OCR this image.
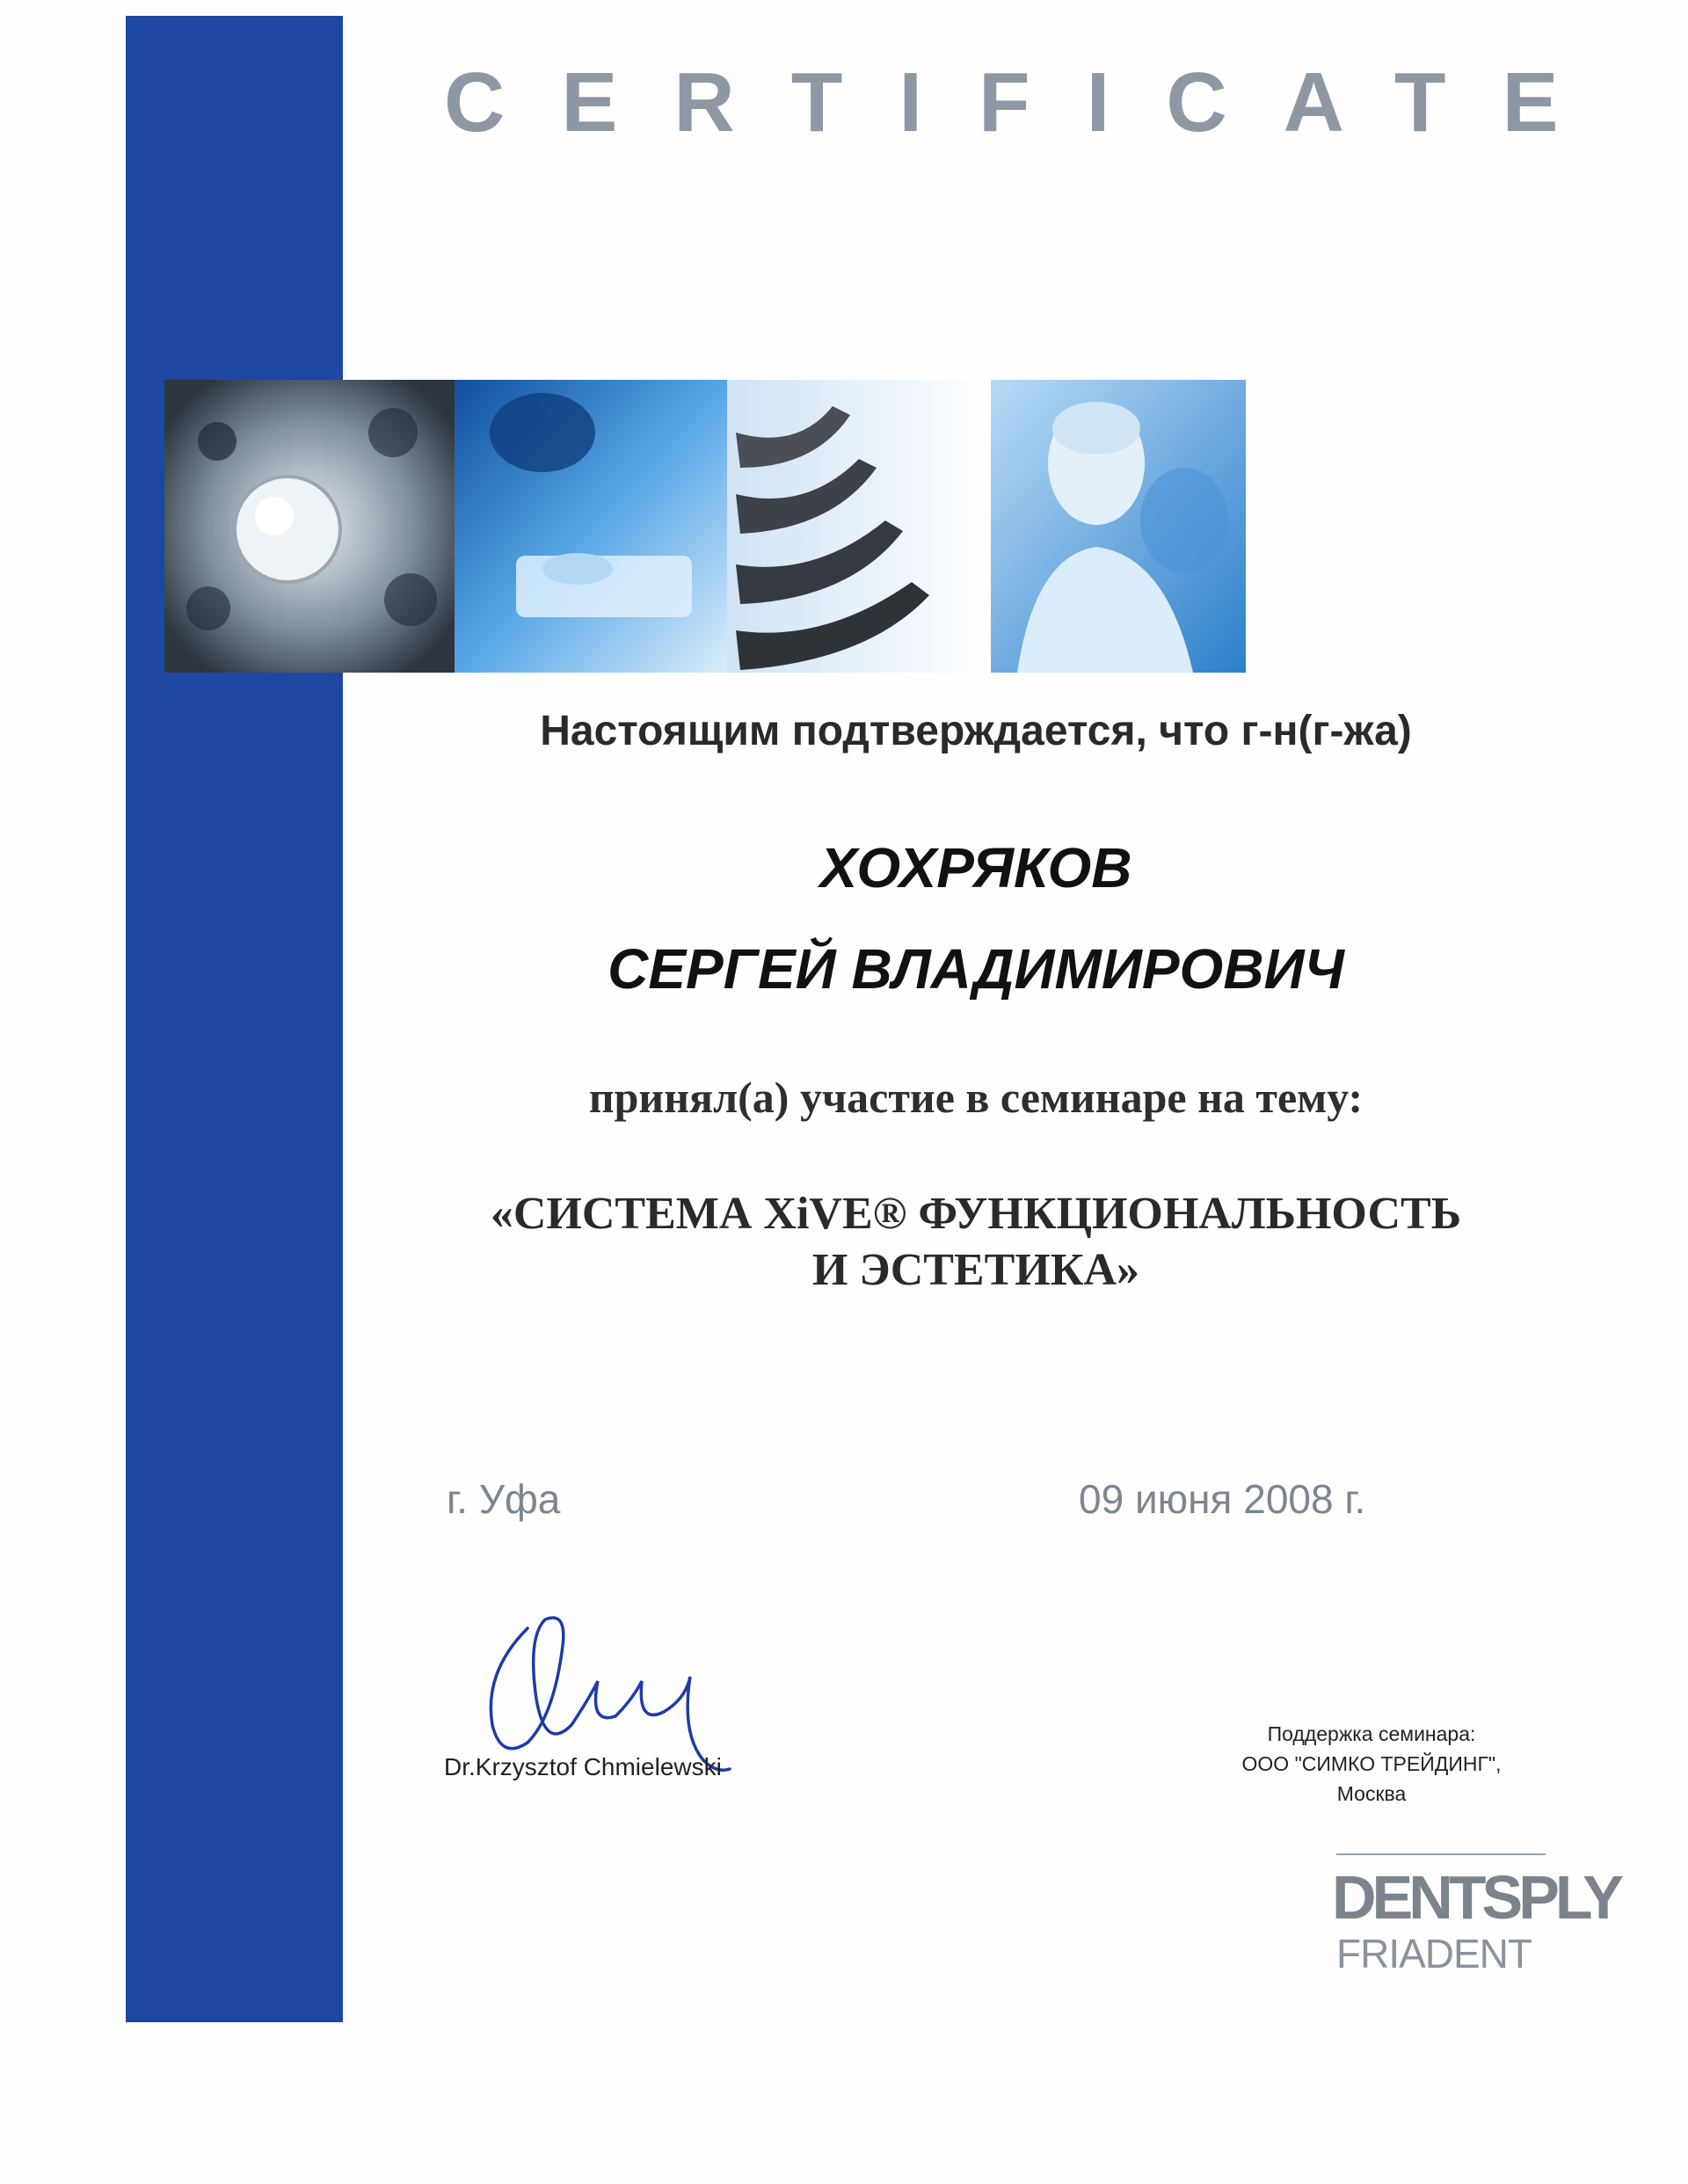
CERTIFICATE
Настоящим подтверждается, что г-н(г-жа)
ХОХРЯКОВ
СЕРГЕЙ ВЛАДИМИРОВИЧ
принял(а) участие в семинаре на тему:
«СИСТЕМА XiVE® ФУНКЦИОНАЛЬНОСТЬ
И ЭСТЕТИКА»
г. Уфа	09 июня 2008 г.
Dr.Krzysztof Chmielewski
Поддержка семинара:
ООО "СИМКО ТРЕЙДИНГ",
Москва
DENTSPLY
FRIADENT
